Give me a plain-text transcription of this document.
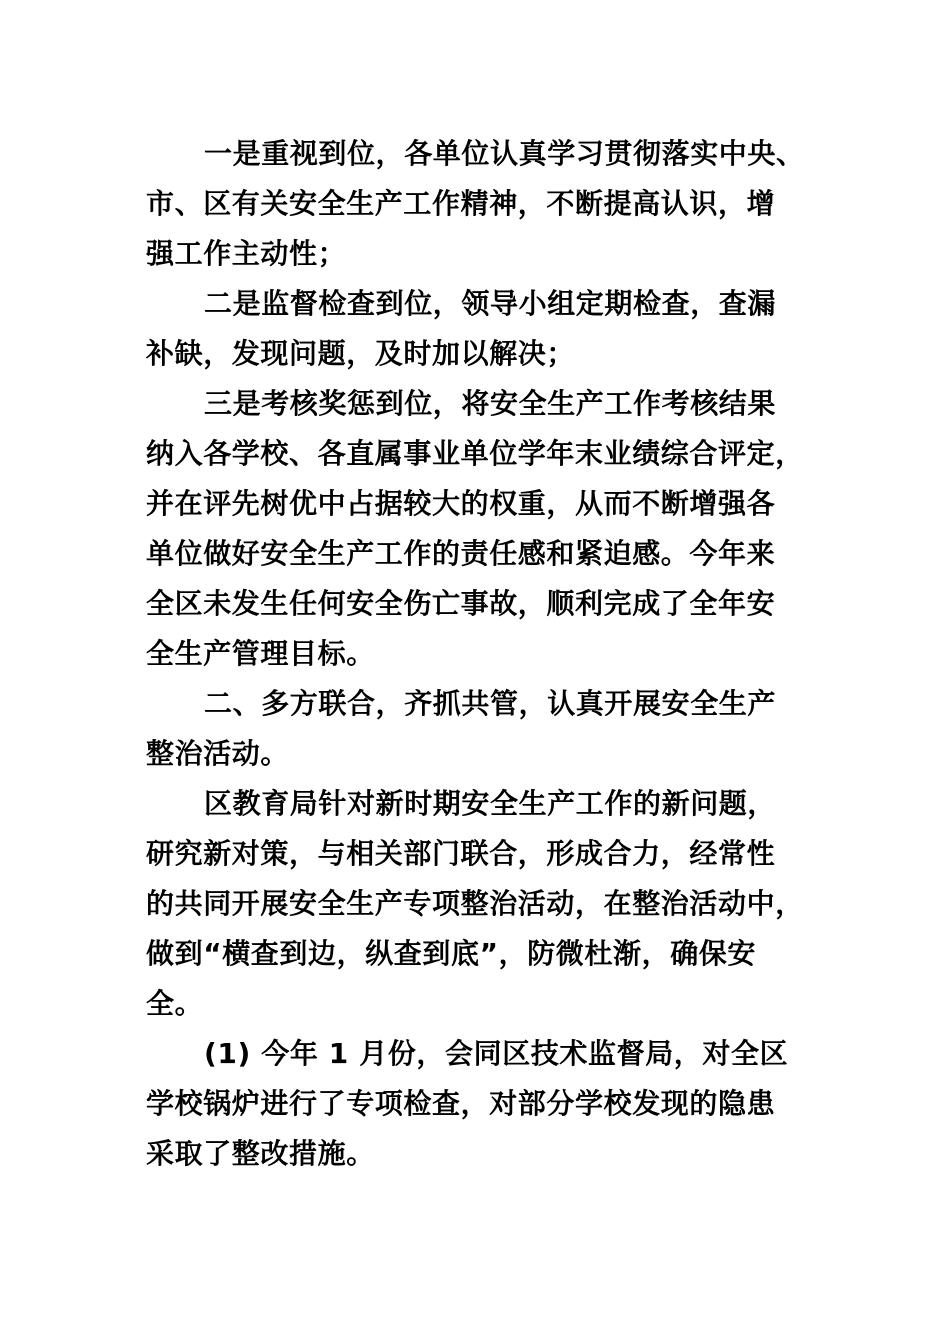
一是重视到位，各单位认真学习贯彻落实中央、
市、区有关安全生产工作精神，不断提高认识，增
强工作主动性；
二是监督检查到位，领导小组定期检查，查漏
补缺，发现问题，及时加以解决；
三是考核奖惩到位，将安全生产工作考核结果
纳入各学校、各直属事业单位学年末业绩综合评定，
并在评先树优中占据较大的权重，从而不断增强各
单位做好安全生产工作的责任感和紧迫感。今年来
全区未发生任何安全伤亡事故，顺利完成了全年安
全生产管理目标。
二、多方联合，齐抓共管，认真开展安全生产
整治活动。
区教育局针对新时期安全生产工作的新问题，
研究新对策，与相关部门联合，形成合力，经常性
的共同开展安全生产专项整治活动，在整治活动中，
做到“横查到边，纵查到底”，防微杜渐，确保安
全。
(1) 今年 1 月份，会同区技术监督局，对全区
学校锅炉进行了专项检查，对部分学校发现的隐患
采取了整改措施。
